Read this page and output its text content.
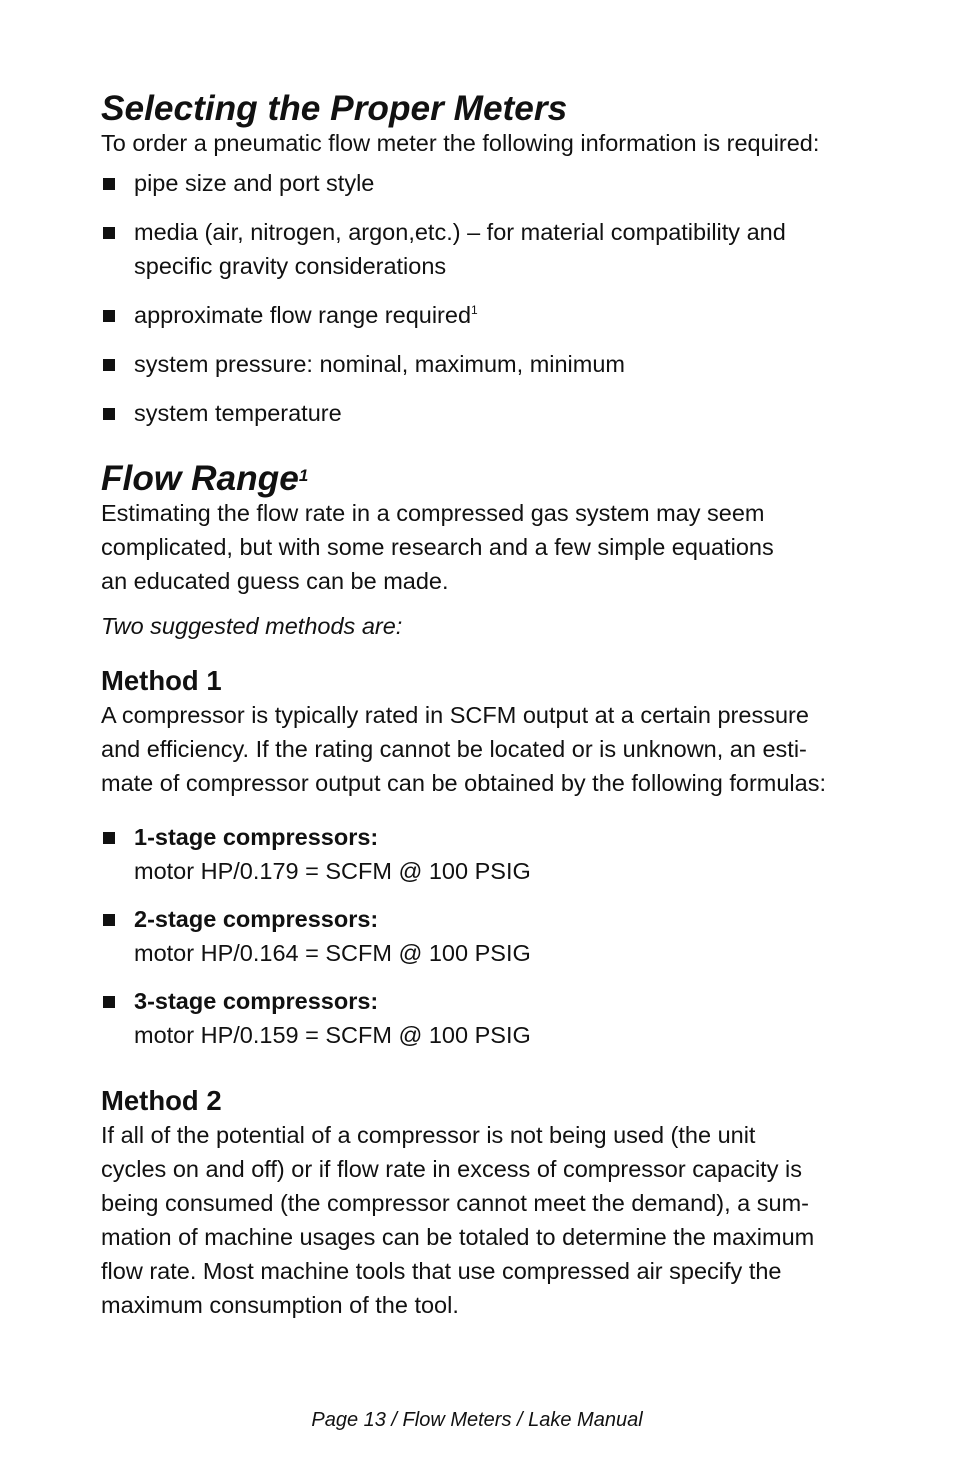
Selecting the Proper Meters

To order a pneumatic flow meter the following information is required:

pipe size and port style
media (air, nitrogen, argon,etc.) – for material compatibility and
specific gravity considerations
approximate flow range required$^1$
system pressure: nominal, maximum, minimum
system temperature
Flow Range$^1$

Estimating the flow rate in a compressed gas system may seem
complicated, but with some research and a few simple equations
an educated guess can be made.

Two suggested methods are:

Method 1

A compressor is typically rated in SCFM output at a certain pressure
and efficiency. If the rating cannot be located or is unknown, an esti-
mate of compressor output can be obtained by the following formulas:

1-stage compressors:
motor HP/0.179 = SCFM @ 100 PSIG
2-stage compressors:
motor HP/0.164 = SCFM @ 100 PSIG
3-stage compressors:
motor HP/0.159 = SCFM @ 100 PSIG
Method 2

If all of the potential of a compressor is not being used (the unit
cycles on and off) or if flow rate in excess of compressor capacity is
being consumed (the compressor cannot meet the demand), a sum-
mation of machine usages can be totaled to determine the maximum
flow rate. Most machine tools that use compressed air specify the
maximum consumption of the tool.

Page 13 / Flow Meters / Lake Manual
